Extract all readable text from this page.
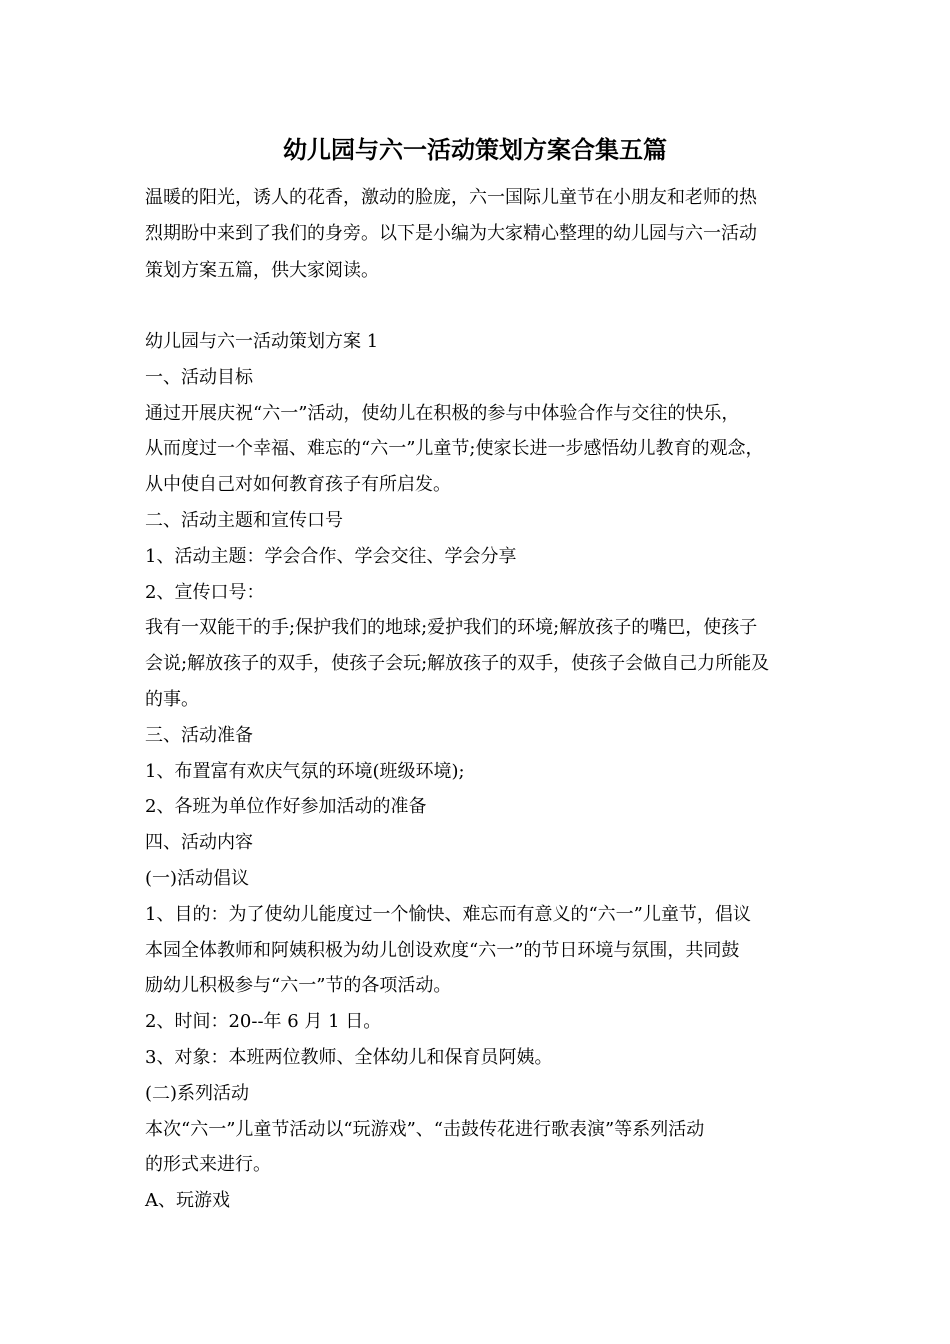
幼儿园与六一活动策划方案合集五篇
温暖的阳光，诱人的花香，激动的脸庞，六一国际儿童节在小朋友和老师的热
烈期盼中来到了我们的身旁。以下是小编为大家精心整理的幼儿园与六一活动
策划方案五篇，供大家阅读。
幼儿园与六一活动策划方案 1
一、活动目标
通过开展庆祝“六一”活动，使幼儿在积极的参与中体验合作与交往的快乐，
从而度过一个幸福、难忘的“六一”儿童节;使家长进一步感悟幼儿教育的观念，
从中使自己对如何教育孩子有所启发。
二、活动主题和宣传口号
1、活动主题：学会合作、学会交往、学会分享
2、宣传口号：
我有一双能干的手;保护我们的地球;爱护我们的环境;解放孩子的嘴巴，使孩子
会说;解放孩子的双手，使孩子会玩;解放孩子的双手，使孩子会做自己力所能及
的事。
三、活动准备
1、布置富有欢庆气氛的环境(班级环境);
2、各班为单位作好参加活动的准备
四、活动内容
(一)活动倡议
1、目的：为了使幼儿能度过一个愉快、难忘而有意义的“六一”儿童节，倡议
本园全体教师和阿姨积极为幼儿创设欢度“六一”的节日环境与氛围，共同鼓
励幼儿积极参与“六一”节的各项活动。
2、时间：20--年 6 月 1 日。
3、对象：本班两位教师、全体幼儿和保育员阿姨。
(二)系列活动
本次“六一”儿童节活动以“玩游戏”、“击鼓传花进行歌表演”等系列活动
的形式来进行。
A、玩游戏
